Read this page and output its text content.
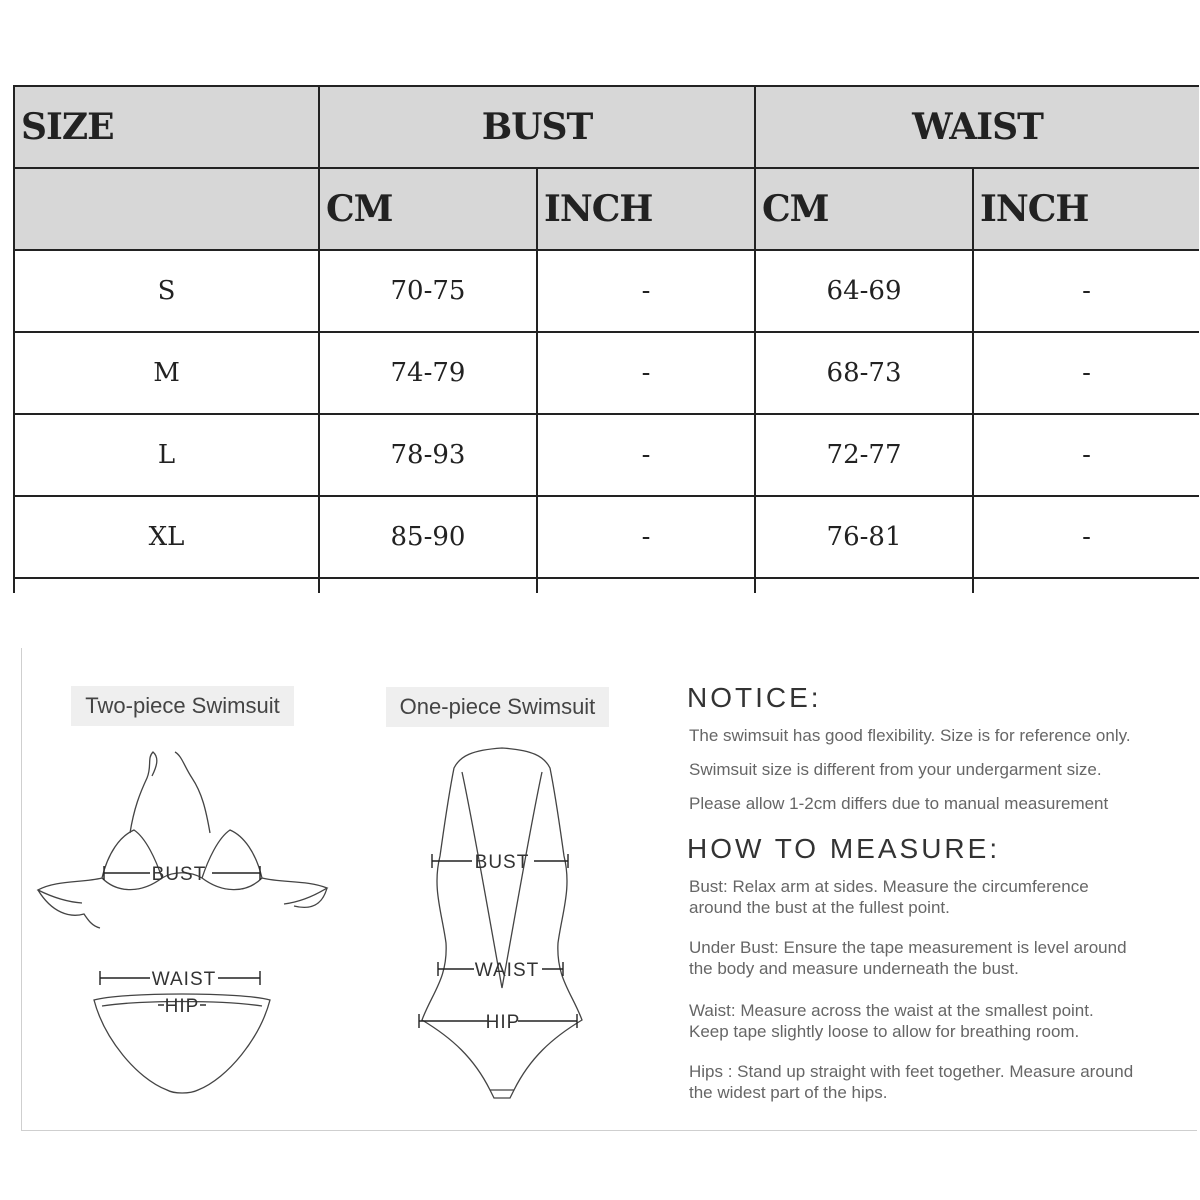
SIZE	BUST		WAIST	
	CM	INCH	CM	INCH
S	70-75	-	64-69	-
M	74-79	-	68-73	-
L	78-93	-	72-77	-
XL	85-90	-	76-81	-

Two-piece Swimsuit	One-piece Swimsuit
BUST
WAIST
HIP
BUST
WAIST
HIP
NOTICE:
The swimsuit has good flexibility. Size is for reference only.
Swimsuit size is different from your undergarment size.
Please allow 1-2cm differs due to manual measurement
HOW TO MEASURE:
Bust: Relax arm at sides. Measure the circumference
around the bust at the fullest point.
Under Bust: Ensure the tape measurement is level around
the body and measure underneath the bust.
Waist: Measure across the waist at the smallest point.
Keep tape slightly loose to allow for breathing room.
Hips : Stand up straight with feet together. Measure around
the widest part of the hips.
